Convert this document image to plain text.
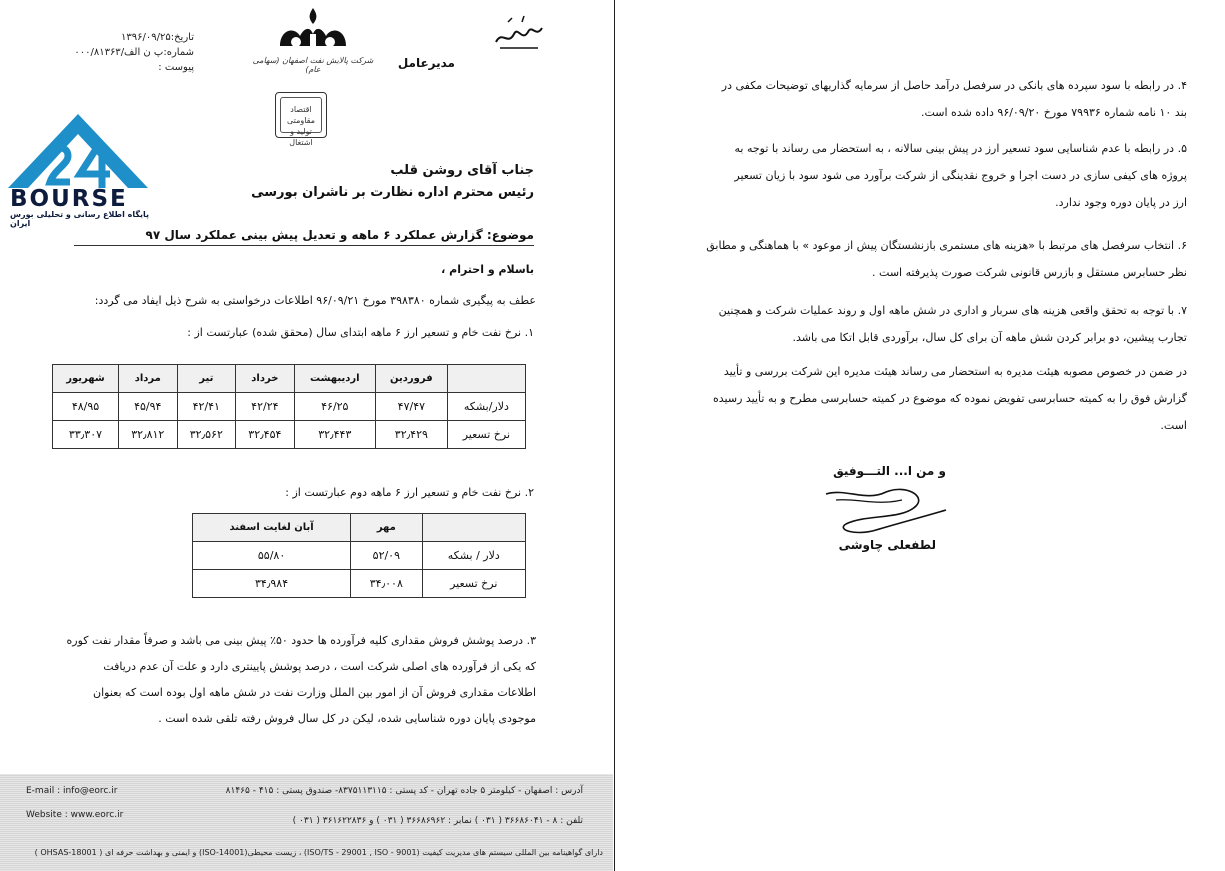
تاریخ:۱۳۹۶/۰۹/۲۵
شماره:پ ن الف/۰۰۰/۸۱۳۶۳
پیوست :
شرکت پالایش نفت اصفهان (سهامی عام)	مدیرعامل
اقتصاد مقاومتی تولید و اشتغال
BOURSE
پایگاه اطلاع رسانی و تحلیلی بورس ایران
جناب آقای روشن قلب
رئیس محترم اداره نظارت بر ناشران بورسی
موضوع: گزارش عملکرد ۶ ماهه و تعدیل پیش بینی عملکرد سال ۹۷
باسلام و احترام ،
عطف به پیگیری شماره ۳۹۸۳۸۰ مورخ ۹۶/۰۹/۲۱ اطلاعات درخواستی به شرح ذیل ایفاد می گردد:
۱. نرخ نفت خام و تسعیر ارز ۶ ماهه ابتدای سال (محقق شده) عبارتست از :
	فروردین	اردیبهشت	خرداد	تیر	مرداد	شهریور
دلار/بشکه	۴۷/۴۷	۴۶/۲۵	۴۲/۲۴	۴۲/۴۱	۴۵/۹۴	۴۸/۹۵
نرخ تسعیر	۳۲٫۴۲۹	۳۲٫۴۴۳	۳۲٫۴۵۴	۳۲٫۵۶۲	۳۲٫۸۱۲	۳۳٫۳۰۷
۲. نرخ نفت خام و تسعیر ارز ۶ ماهه دوم عبارتست از :
	مهر	آبان لغایت اسفند
دلار / بشکه	۵۲/۰۹	۵۵/۸۰
نرخ تسعیر	۳۴٫۰۰۸	۳۴٫۹۸۴
۳. درصد پوشش فروش مقداری کلیه فرآورده ها حدود ۵۰٪ پیش بینی می باشد و صرفاً مقدار نفت کوره
که یکی از فرآورده های اصلی شرکت است ، درصد پوشش پایینتری دارد و علت آن عدم دریافت
اطلاعات مقداری فروش آن از امور بین الملل وزارت نفت در شش ماهه اول بوده است که بعنوان
موجودی پایان دوره شناسایی شده، لیکن در کل سال فروش رفته تلقی شده است .
E-mail : info@eorc.ir
Website : www.eorc.ir
آدرس : اصفهان - کیلومتر ۵ جاده تهران - کد پستی : ۸۳۷۵۱۱۳۱۱۵- صندوق پستی : ۴۱۵ - ۸۱۴۶۵
تلفن : ۸ - ۳۶۶۸۶۰۴۱ ( ۰۳۱ ) نمابر : ۳۶۶۸۶۹۶۲ ( ۰۳۱ ) و ۳۶۱۶۲۲۸۳۶ ( ۰۳۱ )
دارای گواهینامه بین المللی سیستم های مدیریت کیفیت (ISO/TS - 29001 , ISO - 9001) ، زیست محیطی(ISO-14001) و ایمنی و بهداشت حرفه ای ( OHSAS-18001 )
۴. در رابطه با سود سپرده های بانکی در سرفصل درآمد حاصل از سرمایه گذاریهای توضیحات مکفی در
بند ۱۰ نامه شماره ۷۹۹۳۶ مورخ ۹۶/۰۹/۲۰ داده شده است.
۵. در رابطه با عدم شناسایی سود تسعیر ارز در پیش بینی سالانه ، به استحضار می رساند با توجه به
پروژه های کیفی سازی در دست اجرا و خروج نقدینگی از شرکت برآورد می شود سود با زیان تسعیر
ارز در پایان دوره وجود ندارد.
۶. انتخاب سرفصل های مرتبط با «هزینه های مستمری بازنشستگان پیش از موعود » با هماهنگی و مطابق
نظر حسابرس مستقل و بازرس قانونی شرکت صورت پذیرفته است .
۷. با توجه به تحقق واقعی هزینه های سربار و اداری در شش ماهه اول و روند عملیات شرکت و همچنین
تجارب پیشین، دو برابر کردن شش ماهه آن برای کل سال، برآوردی قابل اتکا می باشد.
در ضمن در خصوص مصوبه هیئت مدیره به استحضار می رساند هیئت مدیره این شرکت بررسی و تأیید
گزارش فوق را به کمیته حسابرسی تفویض نموده که موضوع در کمیته حسابرسی مطرح و به تأیید رسیده
است.
و من ا... التـــوفیق
لطفعلی چاوشی
